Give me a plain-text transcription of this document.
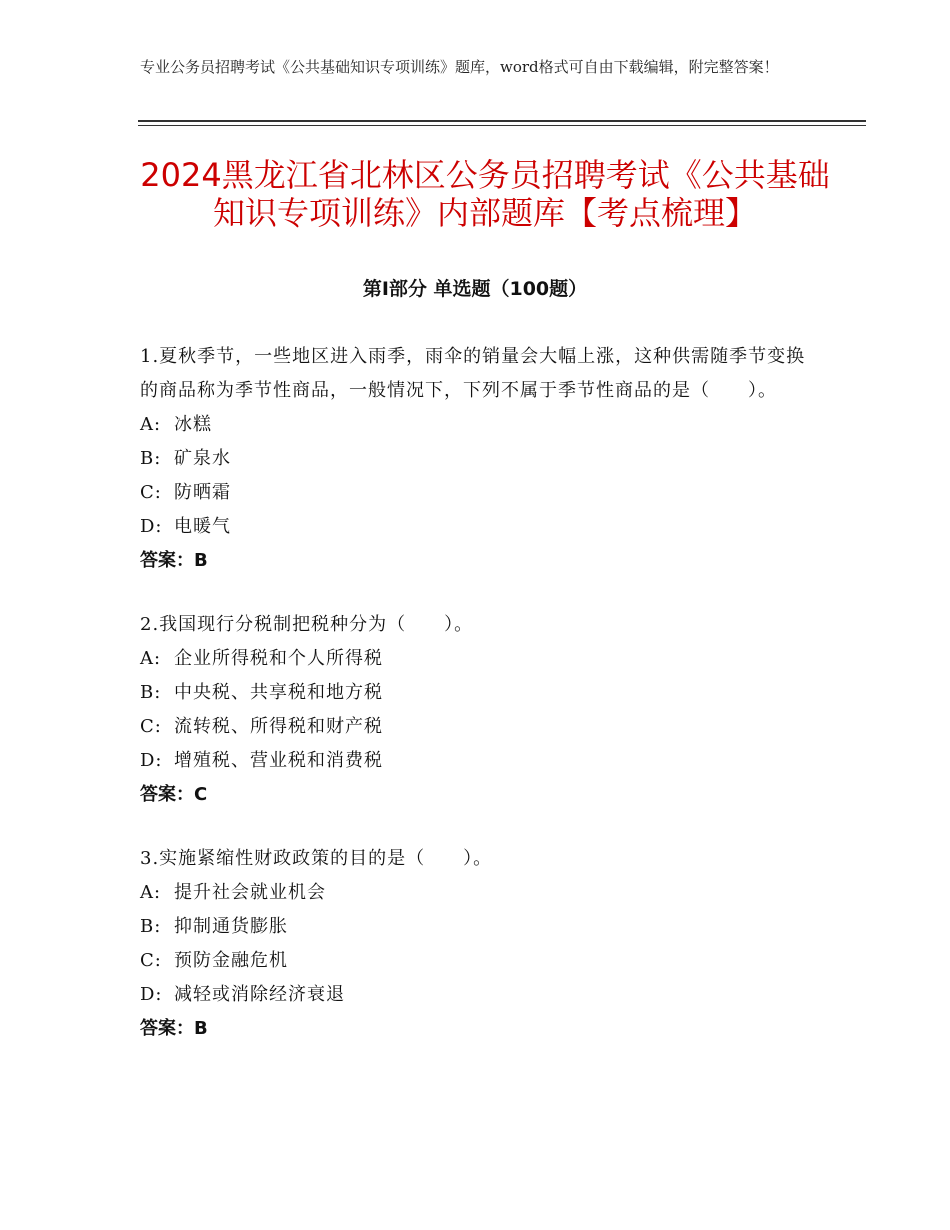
专业公务员招聘考试《公共基础知识专项训练》题库，word格式可自由下载编辑，附完整答案！
2024黑龙江省北林区公务员招聘考试《公共基础知识专项训练》内部题库【考点梳理】
第Ⅰ部分 单选题（100题）
1.夏秋季节，一些地区进入雨季，雨伞的销量会大幅上涨，这种供需随季节变换的商品称为季节性商品，一般情况下，下列不属于季节性商品的是（　　）。
A: 冰糕
B: 矿泉水
C: 防晒霜
D: 电暖气
答案：B
2.我国现行分税制把税种分为（　　）。
A: 企业所得税和个人所得税
B: 中央税、共享税和地方税
C: 流转税、所得税和财产税
D: 增殖税、营业税和消费税
答案：C
3.实施紧缩性财政政策的目的是（　　）。
A: 提升社会就业机会
B: 抑制通货膨胀
C: 预防金融危机
D: 减轻或消除经济衰退
答案：B
